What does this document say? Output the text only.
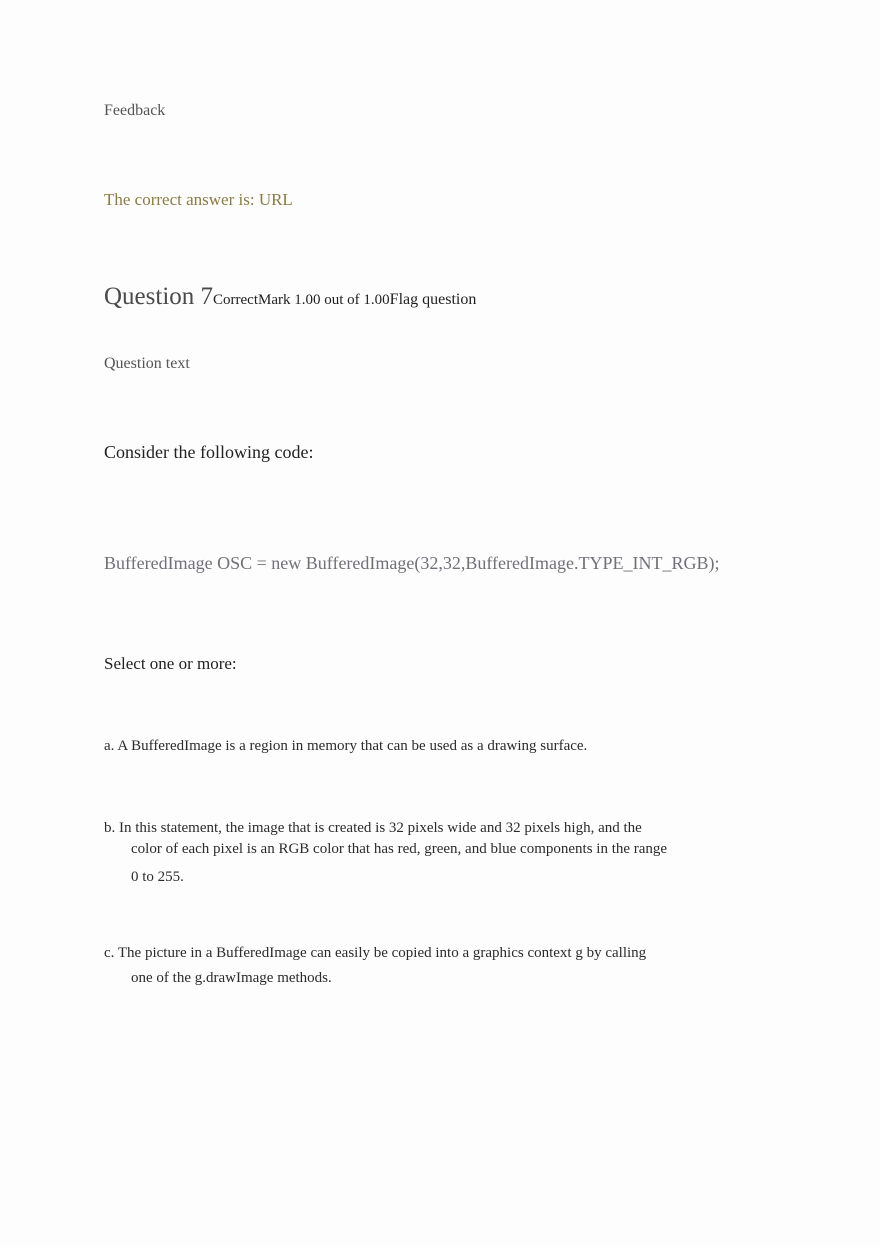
Feedback
The correct answer is: URL
Question 7CorrectMark 1.00 out of 1.00Flag question
Question text
Consider the following code:
BufferedImage OSC = new BufferedImage(32,32,BufferedImage.TYPE_INT_RGB);
Select one or more:
a. A BufferedImage is a region in memory that can be used as a drawing surface.
b. In this statement, the image that is created is 32 pixels wide and 32 pixels high, and the
color of each pixel is an RGB color that has red, green, and blue components in the range
0 to 255.
c. The picture in a BufferedImage can easily be copied into a graphics context g by calling
one of the g.drawImage methods.
